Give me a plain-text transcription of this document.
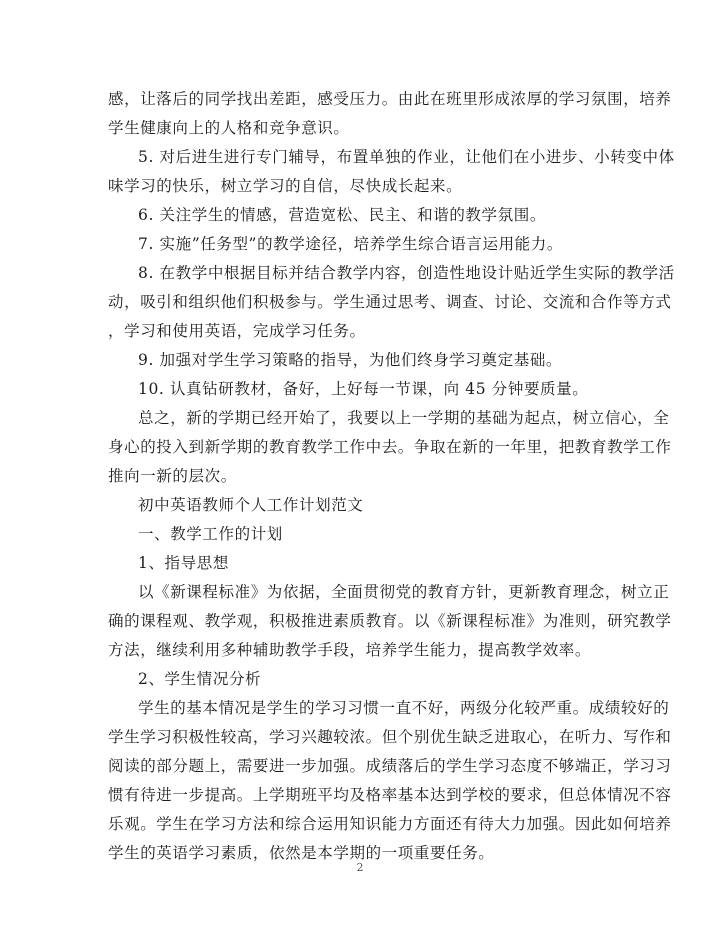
感，让落后的同学找出差距，感受压力。由此在班里形成浓厚的学习氛围，培养
学生健康向上的人格和竞争意识。
5. 对后进生进行专门辅导，布置单独的作业，让他们在小进步、小转变中体
味学习的快乐，树立学习的自信，尽快成长起来。
6. 关注学生的情感，营造宽松、民主、和谐的教学氛围。
7. 实施”任务型”的教学途径，培养学生综合语言运用能力。
8. 在教学中根据目标并结合教学内容，创造性地设计贴近学生实际的教学活
动，吸引和组织他们积极参与。学生通过思考、调查、讨论、交流和合作等方式
，学习和使用英语，完成学习任务。
9. 加强对学生学习策略的指导，为他们终身学习奠定基础。
10. 认真钻研教材，备好，上好每一节课，向 45 分钟要质量。
总之，新的学期已经开始了，我要以上一学期的基础为起点，树立信心，全
身心的投入到新学期的教育教学工作中去。争取在新的一年里，把教育教学工作
推向一新的层次。
初中英语教师个人工作计划范文
一、教学工作的计划
1、指导思想
以《新课程标准》为依据，全面贯彻党的教育方针，更新教育理念，树立正
确的课程观、教学观，积极推进素质教育。以《新课程标准》为准则，研究教学
方法，继续利用多种辅助教学手段，培养学生能力，提高教学效率。
2、学生情况分析
学生的基本情况是学生的学习习惯一直不好，两级分化较严重。成绩较好的
学生学习积极性较高，学习兴趣较浓。但个别优生缺乏进取心，在听力、写作和
阅读的部分题上，需要进一步加强。成绩落后的学生学习态度不够端正，学习习
惯有待进一步提高。上学期班平均及格率基本达到学校的要求，但总体情况不容
乐观。学生在学习方法和综合运用知识能力方面还有待大力加强。因此如何培养
学生的英语学习素质，依然是本学期的一项重要任务。
2
